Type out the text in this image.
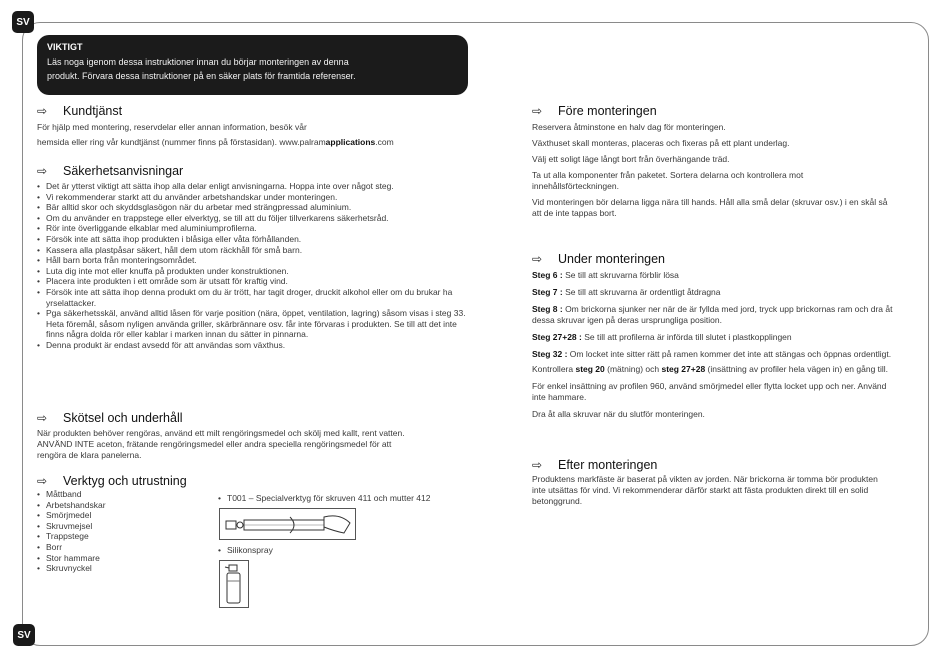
SV
SV
VIKTIGT
Läs noga igenom dessa instruktioner innan du börjar monteringen av denna
produkt. Förvara dessa instruktioner på en säker plats för framtida referenser.
⇨	Kundtjänst

För hjälp med montering, reservdelar eller annan information, besök vår

hemsida eller ring vår kundtjänst (nummer finns på förstasidan). www.palramapplications.com

⇨	Säkerhetsanvisningar
• Det är ytterst viktigt att sätta ihop alla delar enligt anvisningarna. Hoppa inte over något steg.
• Vi rekommenderar starkt att du använder arbetshandskar under monteringen.
• Bär alltid skor och skyddsglasögon när du arbetar med strängpressad aluminium.
• Om du använder en trappstege eller elverktyg, se till att du följer tillverkarens säkerhetsråd.
• Rör inte överliggande elkablar med aluminiumprofilerna.
• Försök inte att sätta ihop produkten i blåsiga eller våta förhållanden.
• Kassera alla plastpåsar säkert, håll dem utom räckhåll för små barn.
• Håll barn borta från monteringsområdet.
• Luta dig inte mot eller knuffa på produkten under konstruktionen.
• Placera inte produkten i ett område som är utsatt för kraftig vind.
• Försök inte att sätta ihop denna produkt om du är trött, har tagit droger, druckit alkohol eller om du brukar ha yrselattacker.
• Pga säkerhetsskäl, använd alltid låsen för varje position (nära, öppet, ventilation, lagring) såsom visas i steg 33. Heta föremål, såsom nyligen använda griller, skärbrännare osv. får inte förvaras i produkten. Se till att det inte finns några dolda rör eller kablar i marken innan du sätter in pinnarna.
• Denna produkt är endast avsedd för att användas som växthus.
⇨	Skötsel och underhåll

När produkten behöver rengöras, använd ett milt rengöringsmedel och skölj med kallt, rent vatten.

ANVÄND INTE aceton, frätande rengöringsmedel eller andra speciella rengöringsmedel för att

rengöra de klara panelerna.

⇨	Verktyg och utrustning
• Måttband
• Arbetshandskar
• Smörjmedel
• Skruvmejsel
• Trappstege
• Borr
• Stor hammare
• Skruvnyckel
• T001 – Specialverktyg för skruven 411 och mutter 412
• Silikonspray
⇨	Före monteringen

Reservera åtminstone en halv dag för monteringen.

Växthuset skall monteras, placeras och fixeras på ett plant underlag.

Välj ett soligt läge långt bort från överhängande träd.

Ta ut alla komponenter från paketet. Sortera delarna och kontrollera mot innehållsförteckningen.

Vid monteringen bör delarna ligga nära till hands. Håll alla små delar (skruvar osv.) i en skål så att de inte tappas bort.

⇨	Under monteringen

Steg 6 : Se till att skruvarna förblir lösa

Steg 7 : Se till att skruvarna är ordentligt åtdragna

Steg 8 : Om brickorna sjunker ner när de är fyllda med jord, tryck upp brickornas ram och dra åt dessa skruvar igen på deras ursprungliga position.

Steg 27+28 : Se till att profilerna är införda till slutet i plastkopplingen

Steg 32 : Om locket inte sitter rätt på ramen kommer det inte att stängas och öppnas ordentligt.

Kontrollera steg 20 (mätning) och steg 27+28 (insättning av profiler hela vägen in) en gång till.

För enkel insättning av profilen 960, använd smörjmedel eller flytta locket upp och ner. Använd inte hammare.

Dra åt alla skruvar när du slutför monteringen.

⇨	Efter monteringen

Produktens markfäste är baserat på vikten av jorden. När brickorna är tomma bör produkten inte utsättas för vind. Vi rekommenderar därför starkt att fästa produkten direkt till en solid betonggrund.
